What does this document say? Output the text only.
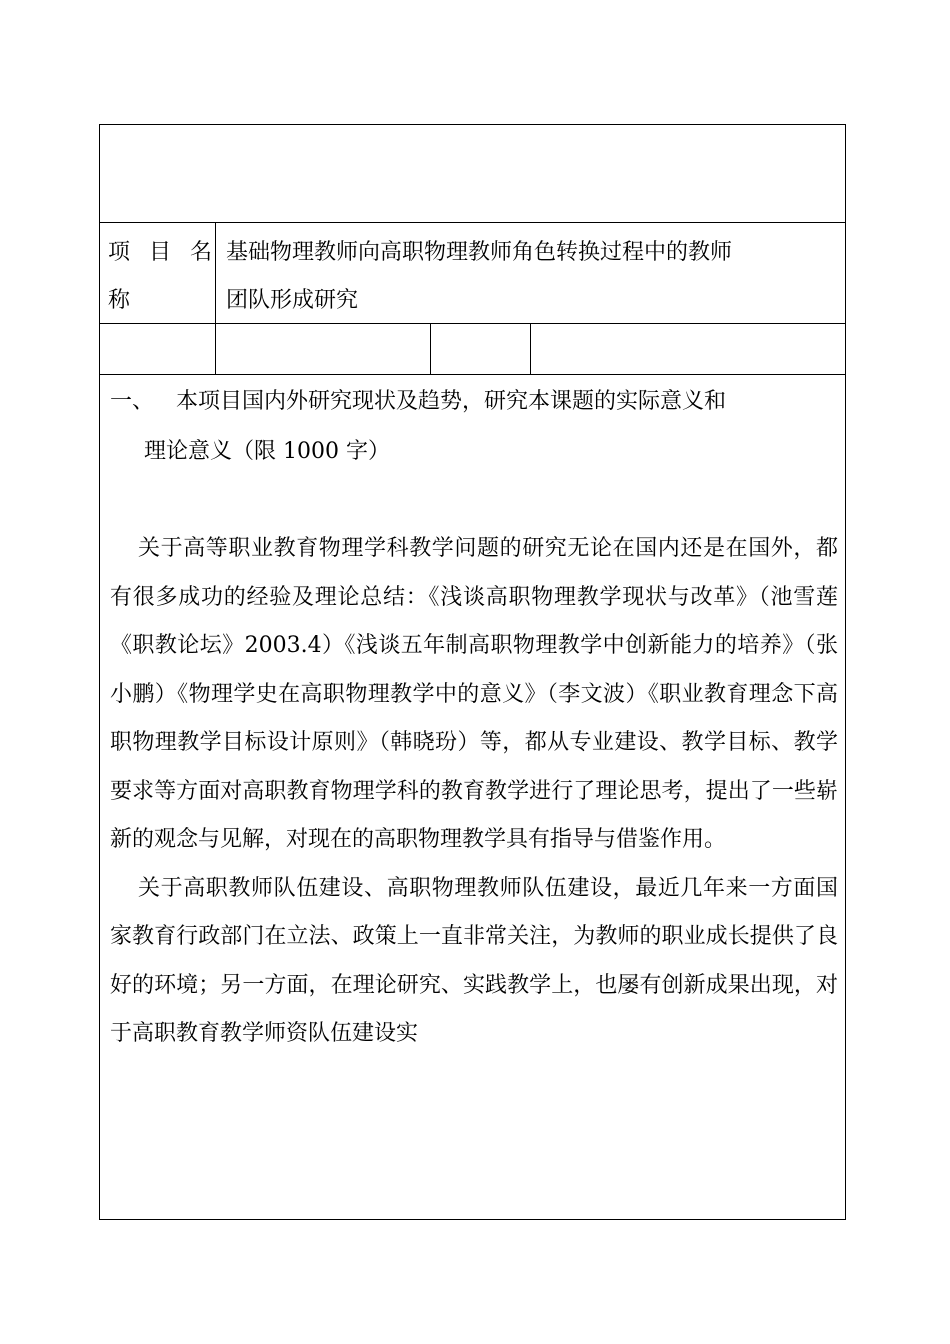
项 目 名
称
基础物理教师向高职物理教师角色转换过程中的教师
团队形成研究
一、 本项目国内外研究现状及趋势，研究本课题的实际意义和
理论意义（限 1000 字）

关于高等职业教育物理学科教学问题的研究无论在国内还是在国外，都有很多成功的经验及理论总结：《浅谈高职物理教学现状与改革》（池雪莲《职教论坛》2003.4）《浅谈五年制高职物理教学中创新能力的培养》（张小鹏）《物理学史在高职物理教学中的意义》（李文波）《职业教育理念下高职物理教学目标设计原则》（韩晓玢）等，都从专业建设、教学目标、教学要求等方面对高职教育物理学科的教育教学进行了理论思考，提出了一些崭新的观念与见解，对现在的高职物理教学具有指导与借鉴作用。

关于高职教师队伍建设、高职物理教师队伍建设，最近几年来一方面国家教育行政部门在立法、政策上一直非常关注，为教师的职业成长提供了良好的环境；另一方面，在理论研究、实践教学上，也屡有创新成果出现，对于高职教育教学师资队伍建设实
